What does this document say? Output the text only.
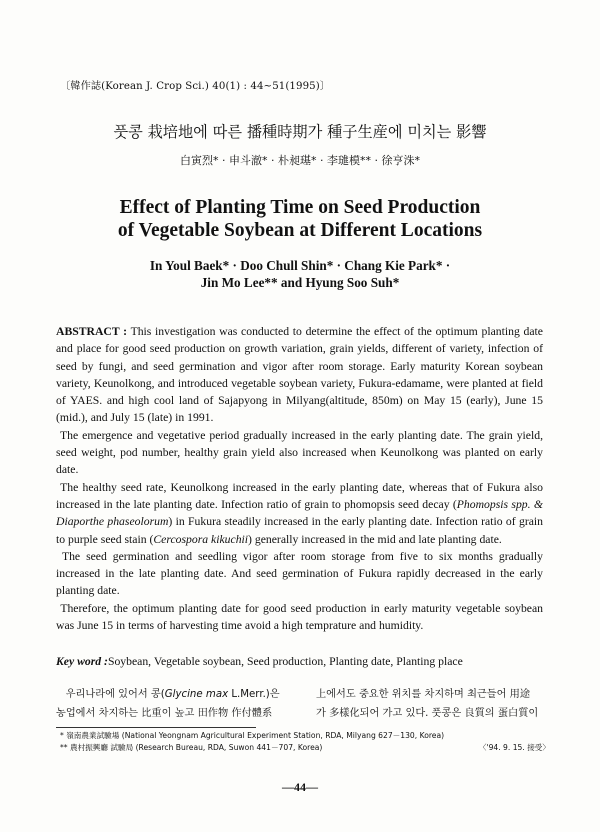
〔韓作誌(Korean J. Crop Sci.) 40(1) : 44~51(1995)〕
풋콩 栽培地에 따른 播種時期가 種子生産에 미치는 影響
白寅烈* · 申斗澈* · 朴昶璂* · 李璡模** · 徐亨洙*
Effect of Planting Time on Seed Production
of Vegetable Soybean at Different Locations
In Youl Baek* · Doo Chull Shin* · Chang Kie Park* ·
Jin Mo Lee** and Hyung Soo Suh*

ABSTRACT : This investigation was conducted to determine the effect of the optimum planting date and place for good seed production on growth variation, grain yields, different of variety, infection of seed by fungi, and seed germination and vigor after room storage. Early maturity Korean soybean variety, Keunolkong, and introduced vegetable soybean variety, Fukura-edamame, were planted at field of YAES. and high cool land of Sajapyong in Milyang(altitude, 850m) on May 15 (early), June 15 (mid.), and July 15 (late) in 1991.

The emergence and vegetative period gradually increased in the early planting date. The grain yield, seed weight, pod number, healthy grain yield also increased when Keunolkong was planted on early date.

The healthy seed rate, Keunolkong increased in the early planting date, whereas that of Fukura also increased in the late planting date. Infection ratio of grain to phomopsis seed decay (Phomopsis spp. & Diaporthe phaseolorum) in Fukura steadily increased in the early planting date. Infection ratio of grain to purple seed stain (Cercospora kikuchii) generally increased in the mid and late planting date.

The seed germination and seedling vigor after room storage from five to six months gradually increased in the late planting date. And seed germination of Fukura rapidly decreased in the early planting date.

Therefore, the optimum planting date for good seed production in early maturity vegetable soybean was June 15 in terms of harvesting time avoid a high temprature and humidity.

Key word :Soybean, Vegetable soybean, Seed production, Planting date, Planting place
우리나라에 있어서 콩(Glycine max L.Merr.)은
농업에서 차지하는 比重이 높고 田作物 作付體系
上에서도 중요한 위치를 차지하며 최근들어 用途
가 多樣化되어 가고 있다. 풋콩은 良質의 蛋白質이
* 嶺南農業試驗場 (National Yeongnam Agricultural Experiment Station, RDA, Milyang 627－130, Korea)
** 農村振興廳 試驗局 (Research Bureau, RDA, Suwon 441－707, Korea)	〈'94. 9. 15. 接受〉
—44—
